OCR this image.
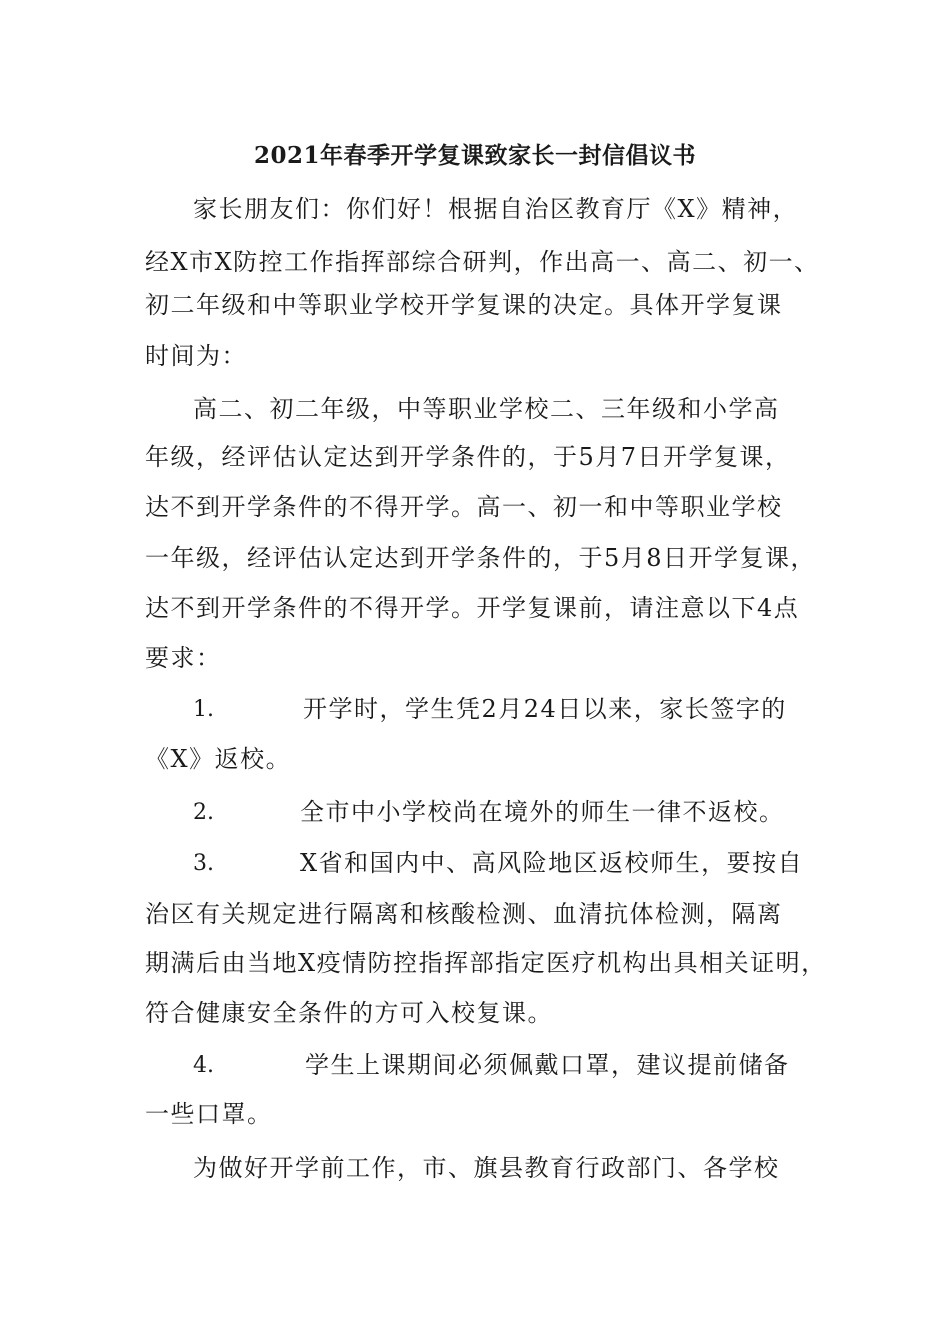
2021年春季开学复课致家长一封信倡议书
家长朋友们：你们好！根据自治区教育厅《X》精神，
经X市X防控工作指挥部综合研判，作出高一、高二、初一、
初二年级和中等职业学校开学复课的决定。具体开学复课
时间为：
高二、初二年级，中等职业学校二、三年级和小学高
年级，经评估认定达到开学条件的，于5月7日开学复课，
达不到开学条件的不得开学。高一、初一和中等职业学校
一年级，经评估认定达到开学条件的，于5月8日开学复课，
达不到开学条件的不得开学。开学复课前，请注意以下4点
要求：
1.	开学时，学生凭2月24日以来，家长签字的
《X》返校。
2.	全市中小学校尚在境外的师生一律不返校。
3.	X省和国内中、高风险地区返校师生，要按自
治区有关规定进行隔离和核酸检测、血清抗体检测，隔离
期满后由当地X疫情防控指挥部指定医疗机构出具相关证明，
符合健康安全条件的方可入校复课。
4.	学生上课期间必须佩戴口罩，建议提前储备
一些口罩。
为做好开学前工作，市、旗县教育行政部门、各学校
